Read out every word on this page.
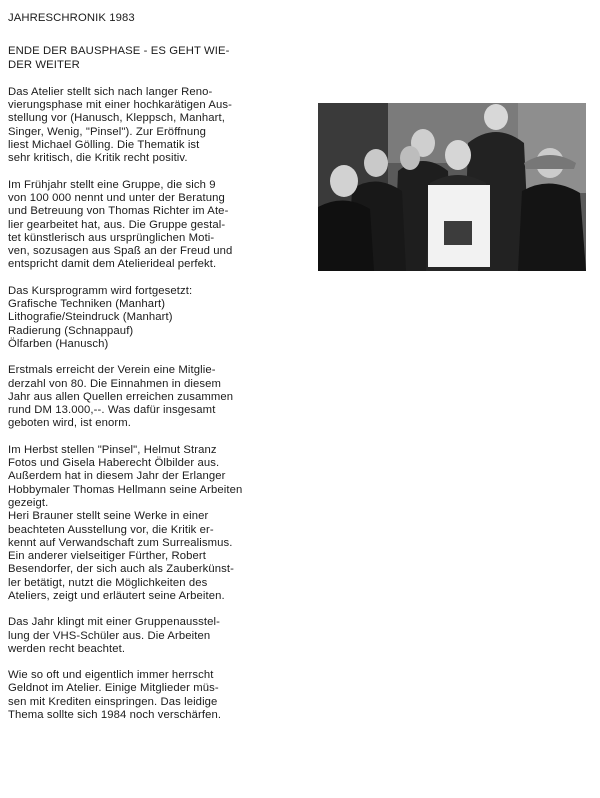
JAHRESCHRONIK 1983
ENDE DER BAUSPHASE - ES GEHT WIE-
DER WEITER
Das Atelier stellt sich nach langer Reno-
vierungsphase mit einer hochkarätigen Aus-
stellung vor (Hanusch, Kleppsch, Manhart,
Singer, Wenig, "Pinsel"). Zur Eröffnung
liest Michael Gölling. Die Thematik ist
sehr kritisch, die Kritik recht positiv.
Im Frühjahr stellt eine Gruppe, die sich 9
von 100 000 nennt und unter der Beratung
und Betreuung von Thomas Richter im Ate-
lier gearbeitet hat, aus. Die Gruppe gestal-
tet künstlerisch aus ursprünglichen Moti-
ven, sozusagen aus Spaß an der Freud und
entspricht damit dem Atelierideal perfekt.
Das Kursprogramm wird fortgesetzt:
Grafische Techniken (Manhart)
Lithografie/Steindruck (Manhart)
Radierung (Schnappauf)
Ölfarben (Hanusch)
Erstmals erreicht der Verein eine Mitglie-
derzahl von 80. Die Einnahmen in diesem
Jahr aus allen Quellen erreichen zusammen
rund DM 13.000,--. Was dafür insgesamt
geboten wird, ist enorm.
Im Herbst stellen "Pinsel", Helmut Stranz
Fotos und Gisela Haberecht Ölbilder aus.
Außerdem hat in diesem Jahr der Erlanger
Hobbymaler Thomas Hellmann seine Arbeiten
gezeigt.
Heri Brauner stellt seine Werke in einer
beachteten Ausstellung vor, die Kritik er-
kennt auf Verwandschaft zum Surrealismus.
Ein anderer vielseitiger Fürther, Robert
Besendorfer, der sich auch als Zauberkünst-
ler betätigt, nutzt die Möglichkeiten des
Ateliers, zeigt und erläutert seine Arbeiten.
Das Jahr klingt mit einer Gruppenausstel-
lung der VHS-Schüler aus. Die Arbeiten
werden recht beachtet.
Wie so oft und eigentlich immer herrscht
Geldnot im Atelier. Einige Mitglieder müs-
sen mit Krediten einspringen. Das leidige
Thema sollte sich 1984 noch verschärfen.
